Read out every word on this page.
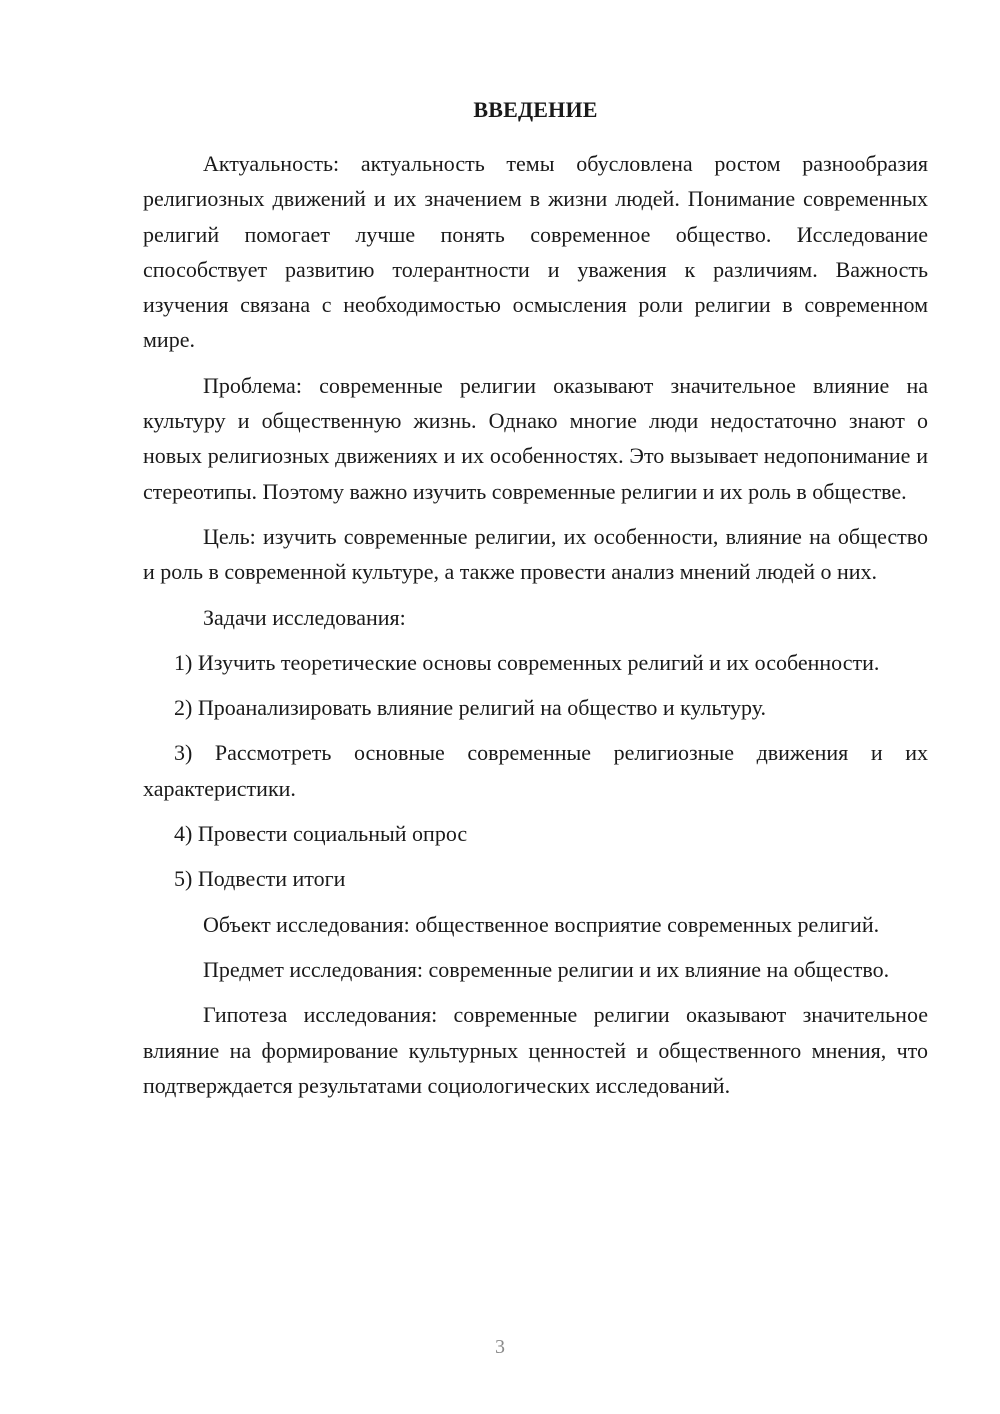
ВВЕДЕНИЕ

Актуальность: актуальность темы обусловлена ростом разнообразия религиозных движений и их значением в жизни людей. Понимание современных религий помогает лучше понять современное общество. Исследование способствует развитию толерантности и уважения к различиям. Важность изучения связана с необходимостью осмысления роли религии в современном мире.

Проблема: современные религии оказывают значительное влияние на культуру и общественную жизнь. Однако многие люди недостаточно знают о новых религиозных движениях и их особенностях. Это вызывает недопонимание и стереотипы. Поэтому важно изучить современные религии и их роль в обществе.

Цель: изучить современные религии, их особенности, влияние на общество и роль в современной культуре, а также провести анализ мнений людей о них.

Задачи исследования:

1) Изучить теоретические основы современных религий и их особенности.

2) Проанализировать влияние религий на общество и культуру.

3) Рассмотреть основные современные религиозные движения и их характеристики.

4) Провести социальный опрос

5) Подвести итоги

Объект исследования: общественное восприятие современных религий.

Предмет исследования: современные религии и их влияние на общество.

Гипотеза исследования: современные религии оказывают значительное влияние на формирование культурных ценностей и общественного мнения, что подтверждается результатами социологических исследований.

3
